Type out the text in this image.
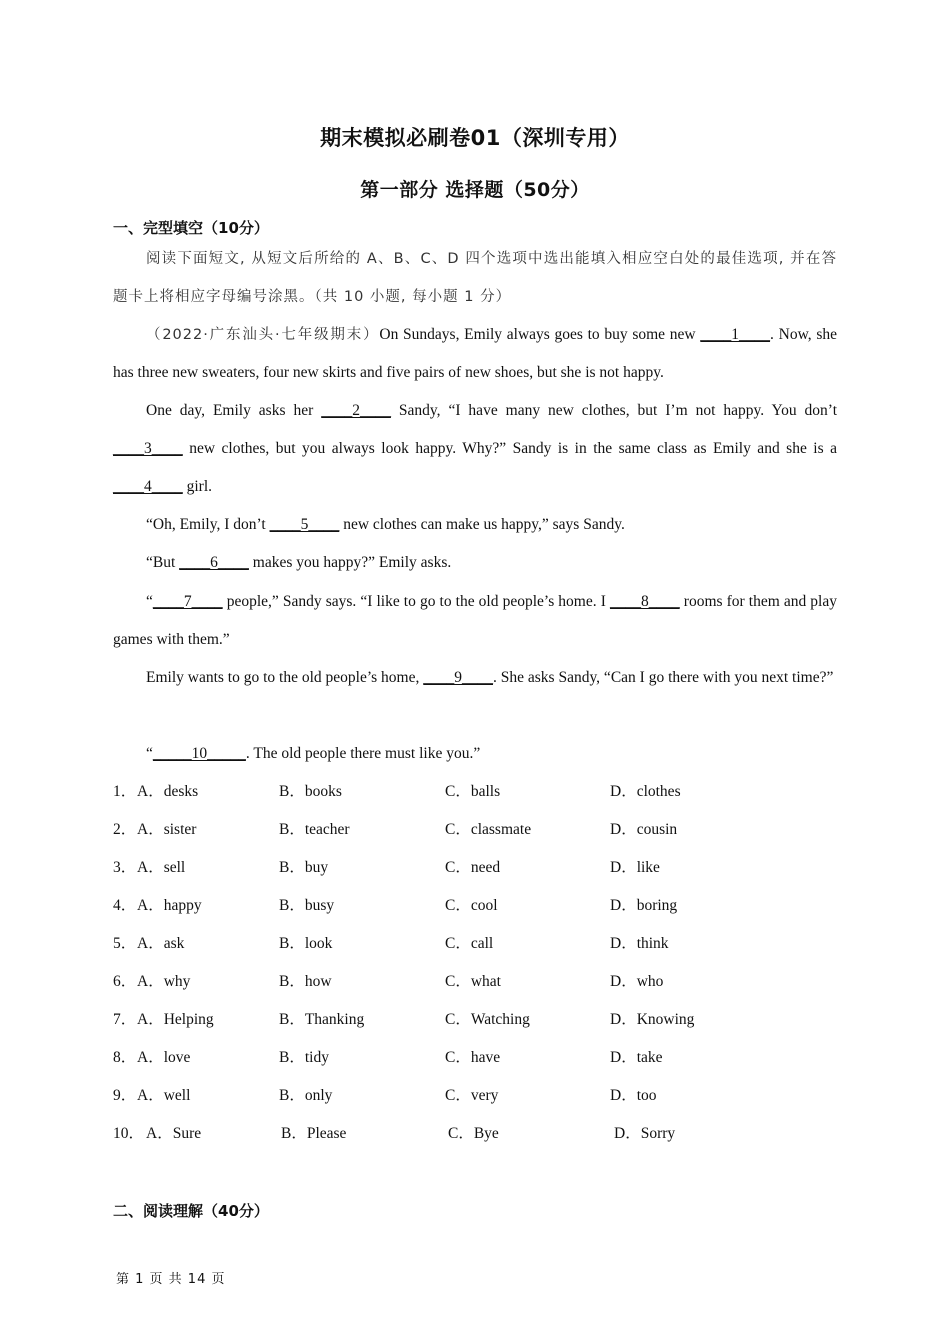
期末模拟必刷卷01（深圳专用）
第一部分 选择题（50分）
一、完型填空（10分）
阅读下面短文, 从短文后所给的 A、B、C、D 四个选项中选出能填入相应空白处的最佳选项, 并在答题卡上将相应字母编号涂黑。（共 10 小题, 每小题 1 分）
（2022·广东汕头·七年级期末）On Sundays, Emily always goes to buy some new ____1____. Now, she has three new sweaters, four new skirts and five pairs of new shoes, but she is not happy.
One day, Emily asks her ____2____ Sandy, “I have many new clothes, but I’m not happy. You don’t ____3____ new clothes, but you always look happy. Why?” Sandy is in the same class as Emily and she is a ____4____ girl.
“Oh, Emily, I don’t ____5____ new clothes can make us happy,” says Sandy.
“But ____6____ makes you happy?” Emily asks.
“____7____ people,” Sandy says. “I like to go to the old people’s home. I ____8____ rooms for them and play games with them.”
Emily wants to go to the old people’s home, ____9____. She asks Sandy, “Can I go there with you next time?”
“_____10_____. The old people there must like you.”
1． A．desks	B．books	C．balls	D．clothes
2． A．sister	B．teacher	C．classmate	D．cousin
3． A．sell	B．buy	C．need	D．like
4． A．happy	B．busy	C．cool	D．boring
5． A．ask	B．look	C．call	D．think
6． A．why	B．how	C．what	D．who
7． A．Helping	B．Thanking	C．Watching	D．Knowing
8． A．love	B．tidy	C．have	D．take
9． A．well	B．only	C．very	D．too
10． A．Sure	B．Please	C．Bye	D．Sorry
二、阅读理解（40分）
第 1 页 共 14 页
